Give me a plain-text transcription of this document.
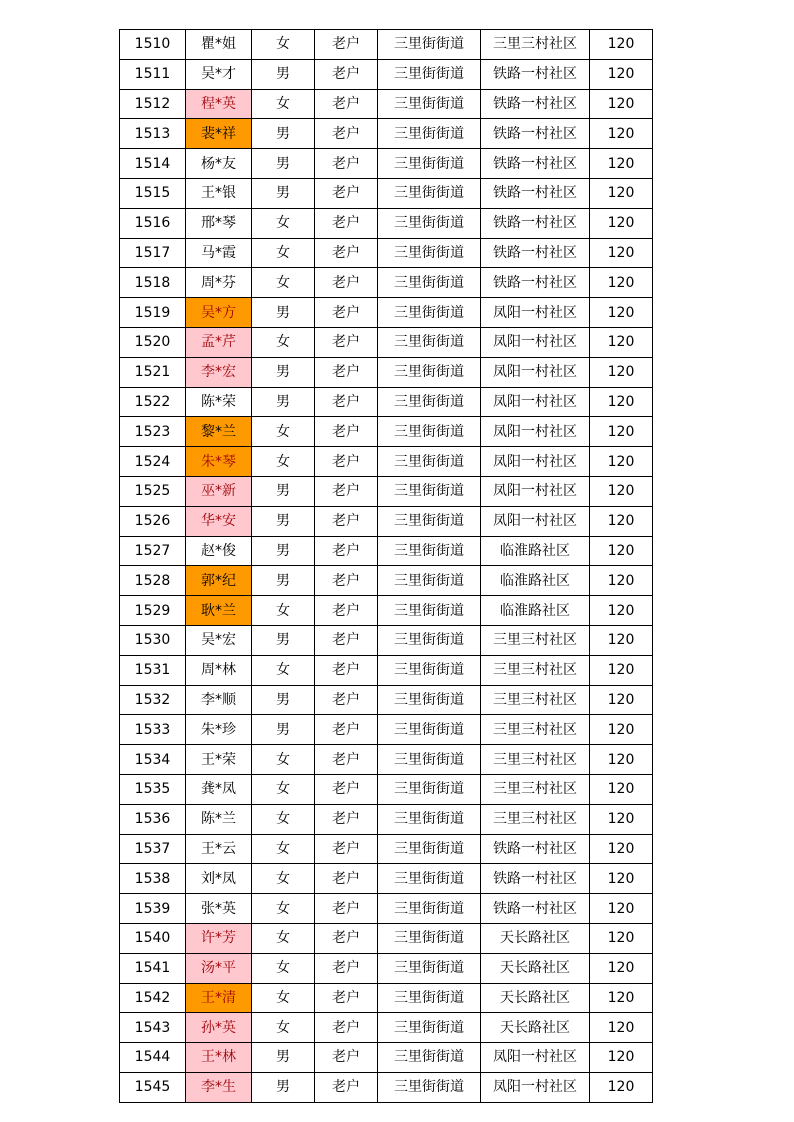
1510	瞿*姐	女	老户	三里街街道	三里三村社区	120
1511	吴*才	男	老户	三里街街道	铁路一村社区	120
1512	程*英	女	老户	三里街街道	铁路一村社区	120
1513	裴*祥	男	老户	三里街街道	铁路一村社区	120
1514	杨*友	男	老户	三里街街道	铁路一村社区	120
1515	王*银	男	老户	三里街街道	铁路一村社区	120
1516	邢*琴	女	老户	三里街街道	铁路一村社区	120
1517	马*霞	女	老户	三里街街道	铁路一村社区	120
1518	周*芬	女	老户	三里街街道	铁路一村社区	120
1519	吴*方	男	老户	三里街街道	凤阳一村社区	120
1520	孟*芹	女	老户	三里街街道	凤阳一村社区	120
1521	李*宏	男	老户	三里街街道	凤阳一村社区	120
1522	陈*荣	男	老户	三里街街道	凤阳一村社区	120
1523	黎*兰	女	老户	三里街街道	凤阳一村社区	120
1524	朱*琴	女	老户	三里街街道	凤阳一村社区	120
1525	巫*新	男	老户	三里街街道	凤阳一村社区	120
1526	华*安	男	老户	三里街街道	凤阳一村社区	120
1527	赵*俊	男	老户	三里街街道	临淮路社区	120
1528	郭*纪	男	老户	三里街街道	临淮路社区	120
1529	耿*兰	女	老户	三里街街道	临淮路社区	120
1530	吴*宏	男	老户	三里街街道	三里三村社区	120
1531	周*林	女	老户	三里街街道	三里三村社区	120
1532	李*顺	男	老户	三里街街道	三里三村社区	120
1533	朱*珍	男	老户	三里街街道	三里三村社区	120
1534	王*荣	女	老户	三里街街道	三里三村社区	120
1535	龚*凤	女	老户	三里街街道	三里三村社区	120
1536	陈*兰	女	老户	三里街街道	三里三村社区	120
1537	王*云	女	老户	三里街街道	铁路一村社区	120
1538	刘*凤	女	老户	三里街街道	铁路一村社区	120
1539	张*英	女	老户	三里街街道	铁路一村社区	120
1540	许*芳	女	老户	三里街街道	天长路社区	120
1541	汤*平	女	老户	三里街街道	天长路社区	120
1542	王*清	女	老户	三里街街道	天长路社区	120
1543	孙*英	女	老户	三里街街道	天长路社区	120
1544	王*林	男	老户	三里街街道	凤阳一村社区	120
1545	李*生	男	老户	三里街街道	凤阳一村社区	120
